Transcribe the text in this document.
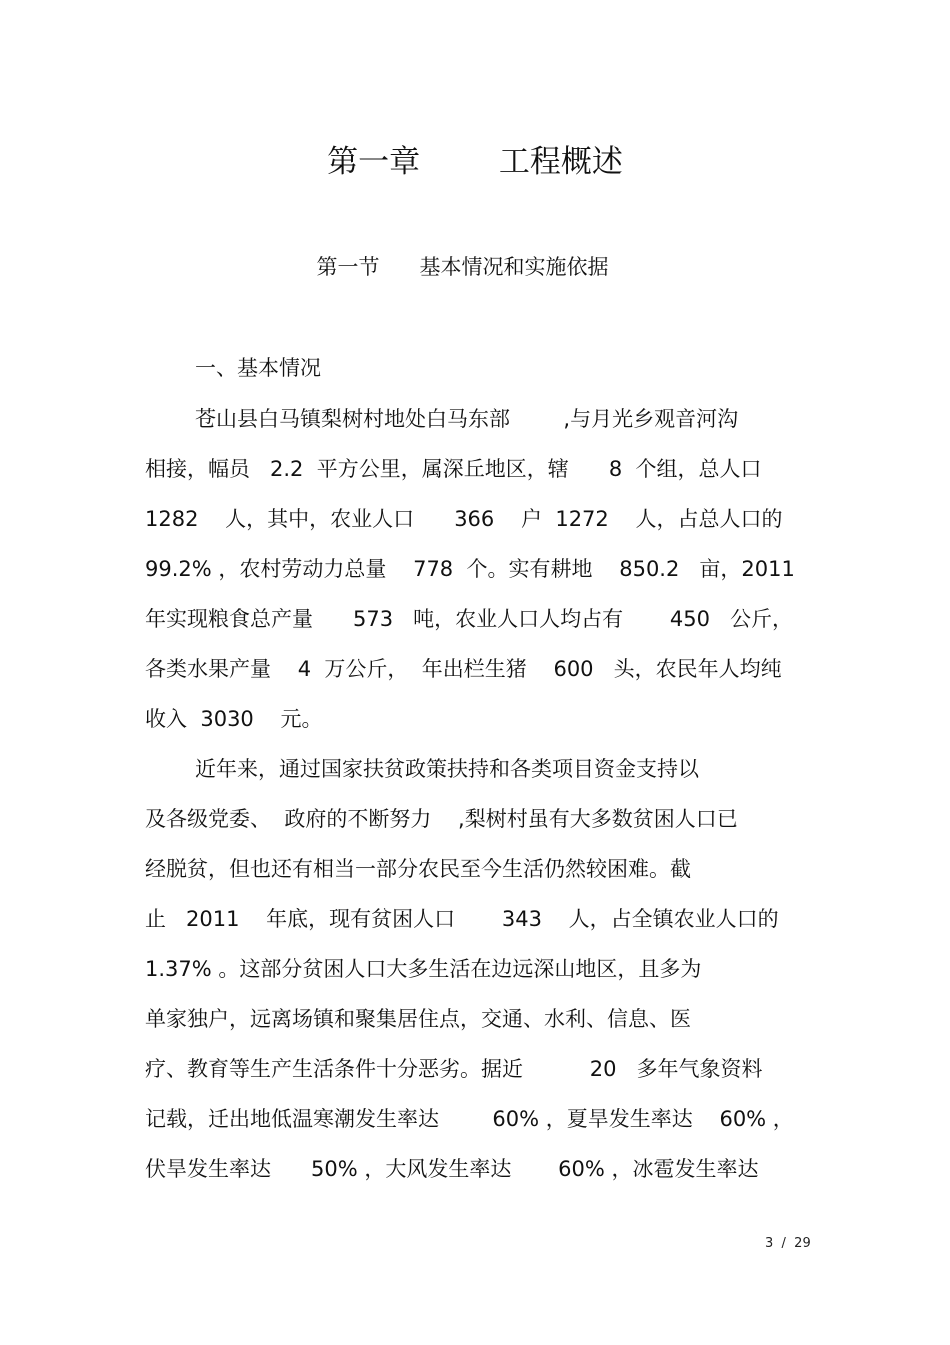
第一章        工程概述
第一节      基本情况和实施依据
一、基本情况
苍山县白马镇梨树村地处白马东部        ,与月光乡观音河沟
相接，幅员   2.2  平方公里，属深丘地区，辖      8  个组，总人口
1282    人，其中，农业人口      366    户  1272    人，占总人口的
99.2% ，农村劳动力总量    778  个。实有耕地    850.2   亩，2011
年实现粮食总产量      573   吨，农业人口人均占有       450   公斤，
各类水果产量    4  万公斤，  年出栏生猪    600   头，农民年人均纯
收入  3030    元。
近年来，通过国家扶贫政策扶持和各类项目资金支持以
及各级党委、  政府的不断努力    ,梨树村虽有大多数贫困人口已
经脱贫，但也还有相当一部分农民至今生活仍然较困难。截
止   2011    年底，现有贫困人口       343    人，占全镇农业人口的
1.37% 。这部分贫困人口大多生活在边远深山地区，且多为
单家独户，远离场镇和聚集居住点，交通、水利、信息、医
疗、教育等生产生活条件十分恶劣。据近          20   多年气象资料
记载，迁出地低温寒潮发生率达        60% ，夏旱发生率达    60% ，
伏旱发生率达      50% ，大风发生率达       60% ，冰雹发生率达
3  /  29
